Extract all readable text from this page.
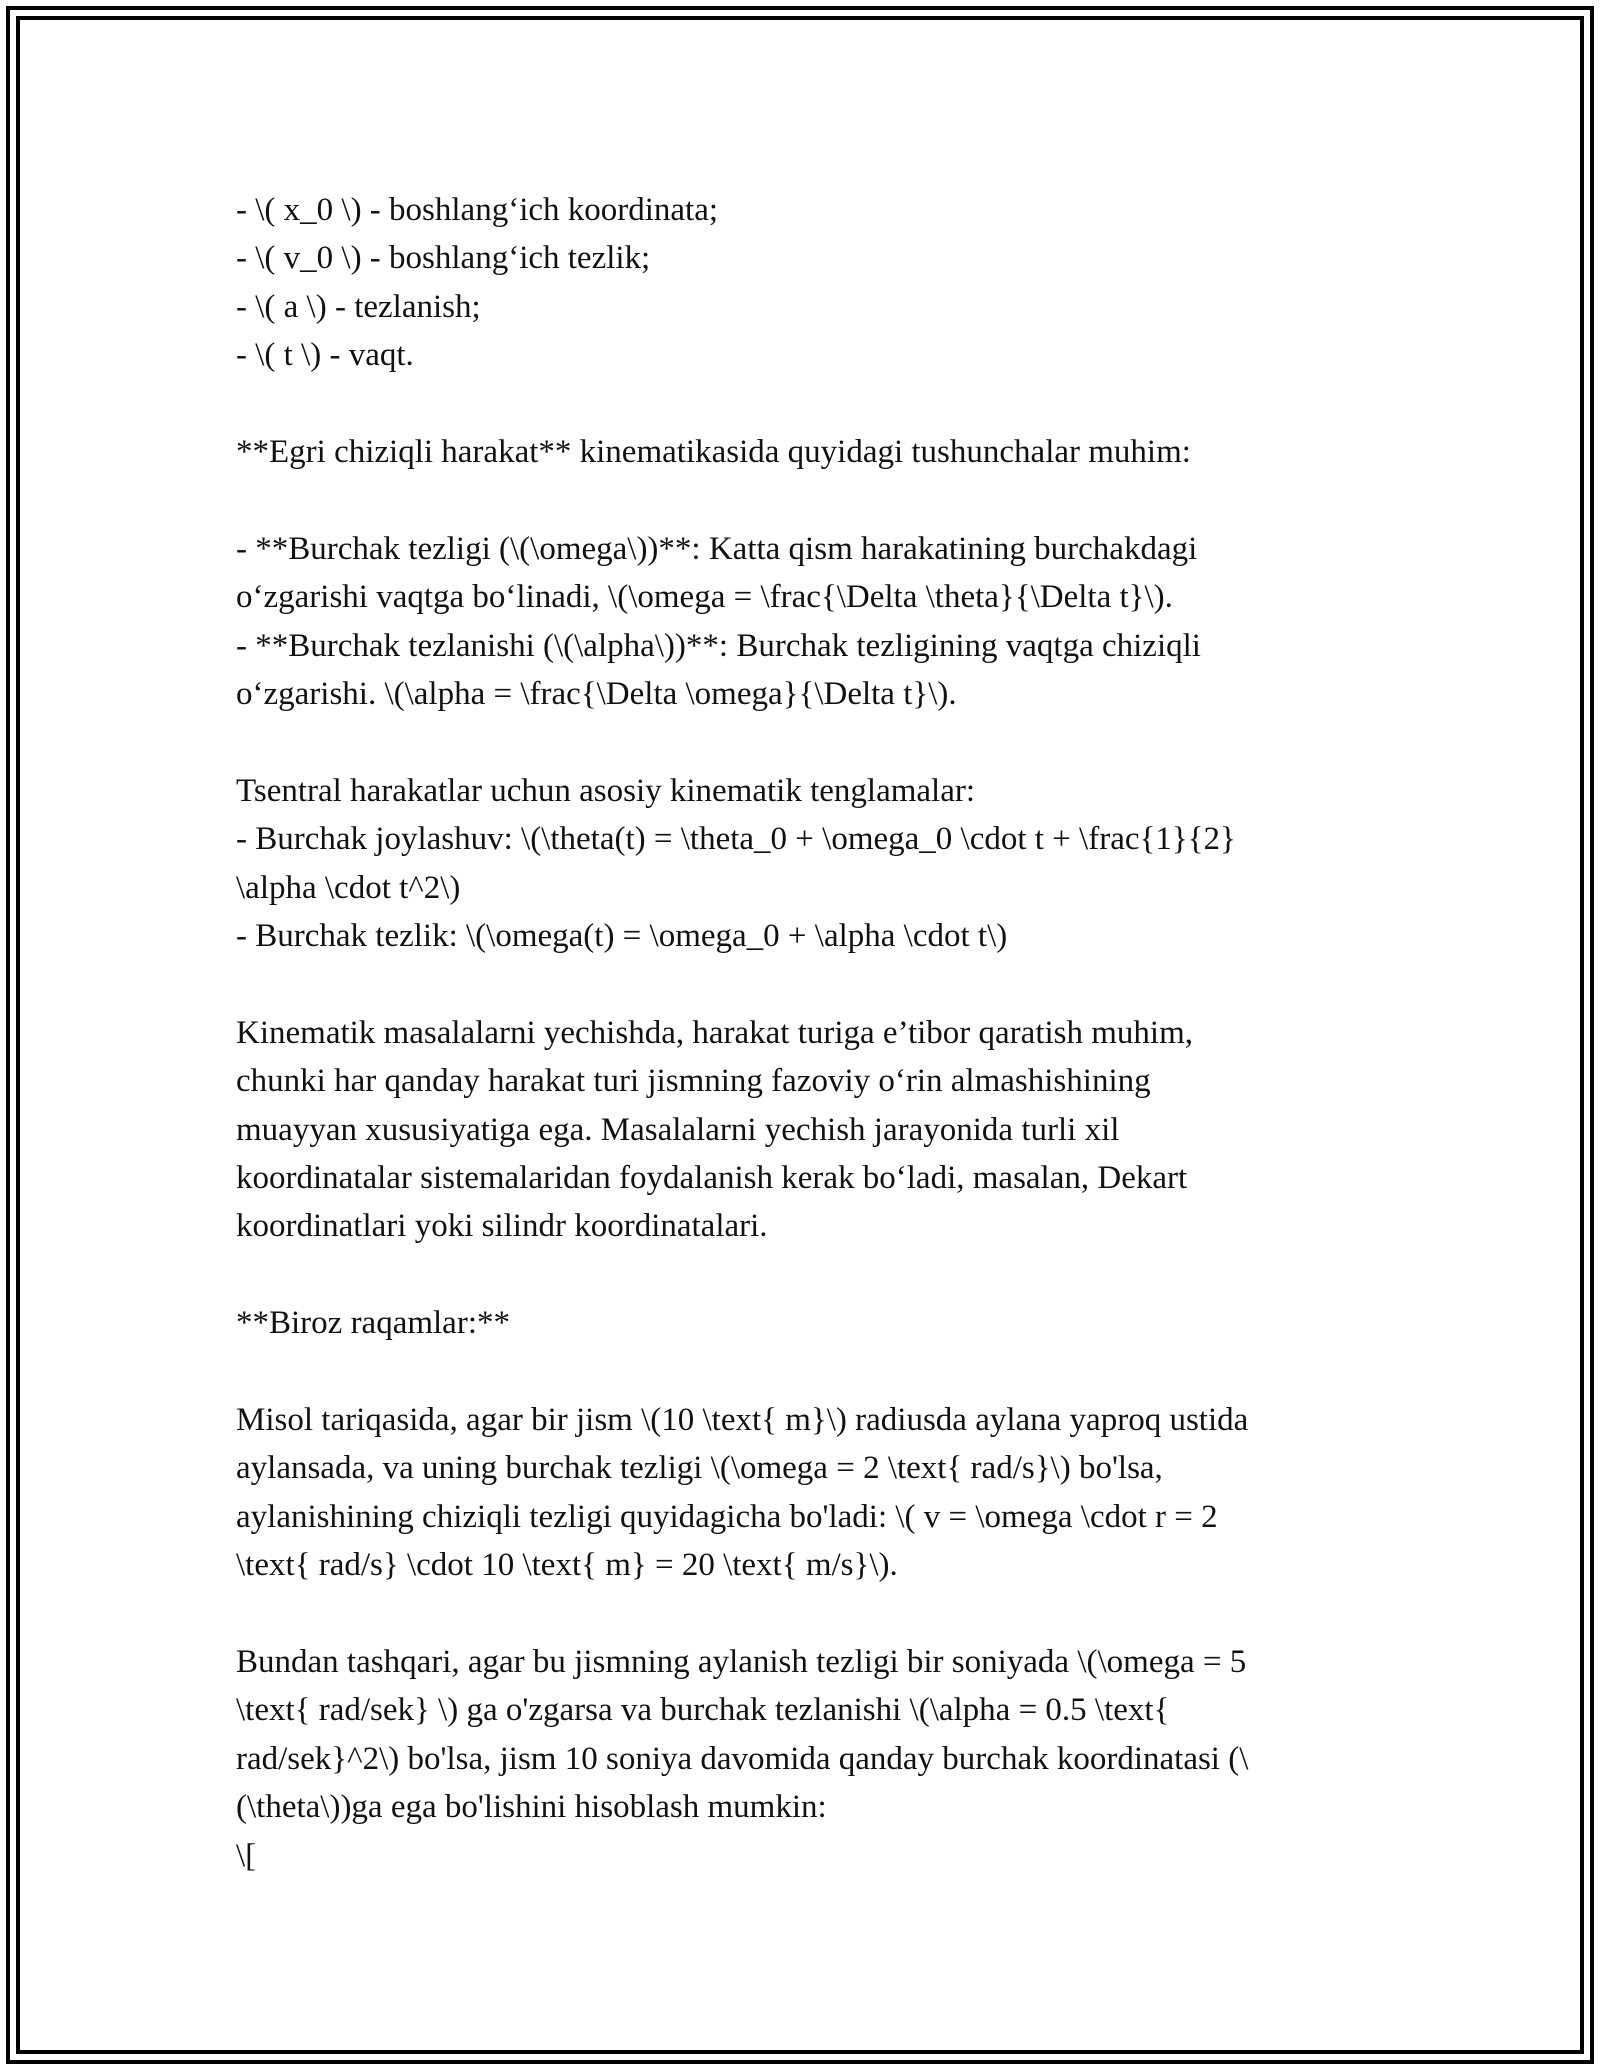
- \( x_0 \) - boshlang‘ich koordinata;
- \( v_0 \) - boshlang‘ich tezlik;
- \( a \) - tezlanish;
- \( t \) - vaqt.
**Egri chiziqli harakat** kinematikasida quyidagi tushunchalar muhim:
- **Burchak tezligi (\(\omega\))**: Katta qism harakatining burchakdagi
o‘zgarishi vaqtga bo‘linadi, \(\omega = \frac{\Delta \theta}{\Delta t}\).
- **Burchak tezlanishi (\(\alpha\))**: Burchak tezligining vaqtga chiziqli
o‘zgarishi. \(\alpha = \frac{\Delta \omega}{\Delta t}\).
Tsentral harakatlar uchun asosiy kinematik tenglamalar:
- Burchak joylashuv: \(\theta(t) = \theta_0 + \omega_0 \cdot t + \frac{1}{2}
\alpha \cdot t^2\)
- Burchak tezlik: \(\omega(t) = \omega_0 + \alpha \cdot t\)
Kinematik masalalarni yechishda, harakat turiga e’tibor qaratish muhim,
chunki har qanday harakat turi jismning fazoviy o‘rin almashishining
muayyan xususiyatiga ega. Masalalarni yechish jarayonida turli xil
koordinatalar sistemalaridan foydalanish kerak bo‘ladi, masalan, Dekart
koordinatlari yoki silindr koordinatalari.
**Biroz raqamlar:**
Misol tariqasida, agar bir jism \(10 \text{ m}\) radiusda aylana yaproq ustida
aylansada, va uning burchak tezligi \(\omega = 2 \text{ rad/s}\) bo'lsa,
aylanishining chiziqli tezligi quyidagicha bo'ladi: \( v = \omega \cdot r = 2
\text{ rad/s} \cdot 10 \text{ m} = 20 \text{ m/s}\).
Bundan tashqari, agar bu jismning aylanish tezligi bir soniyada \(\omega = 5
\text{ rad/sek} \) ga o'zgarsa va burchak tezlanishi \(\alpha = 0.5 \text{
rad/sek}^2\) bo'lsa, jism 10 soniya davomida qanday burchak koordinatasi (\
(\theta\))ga ega bo'lishini hisoblash mumkin:
\[
